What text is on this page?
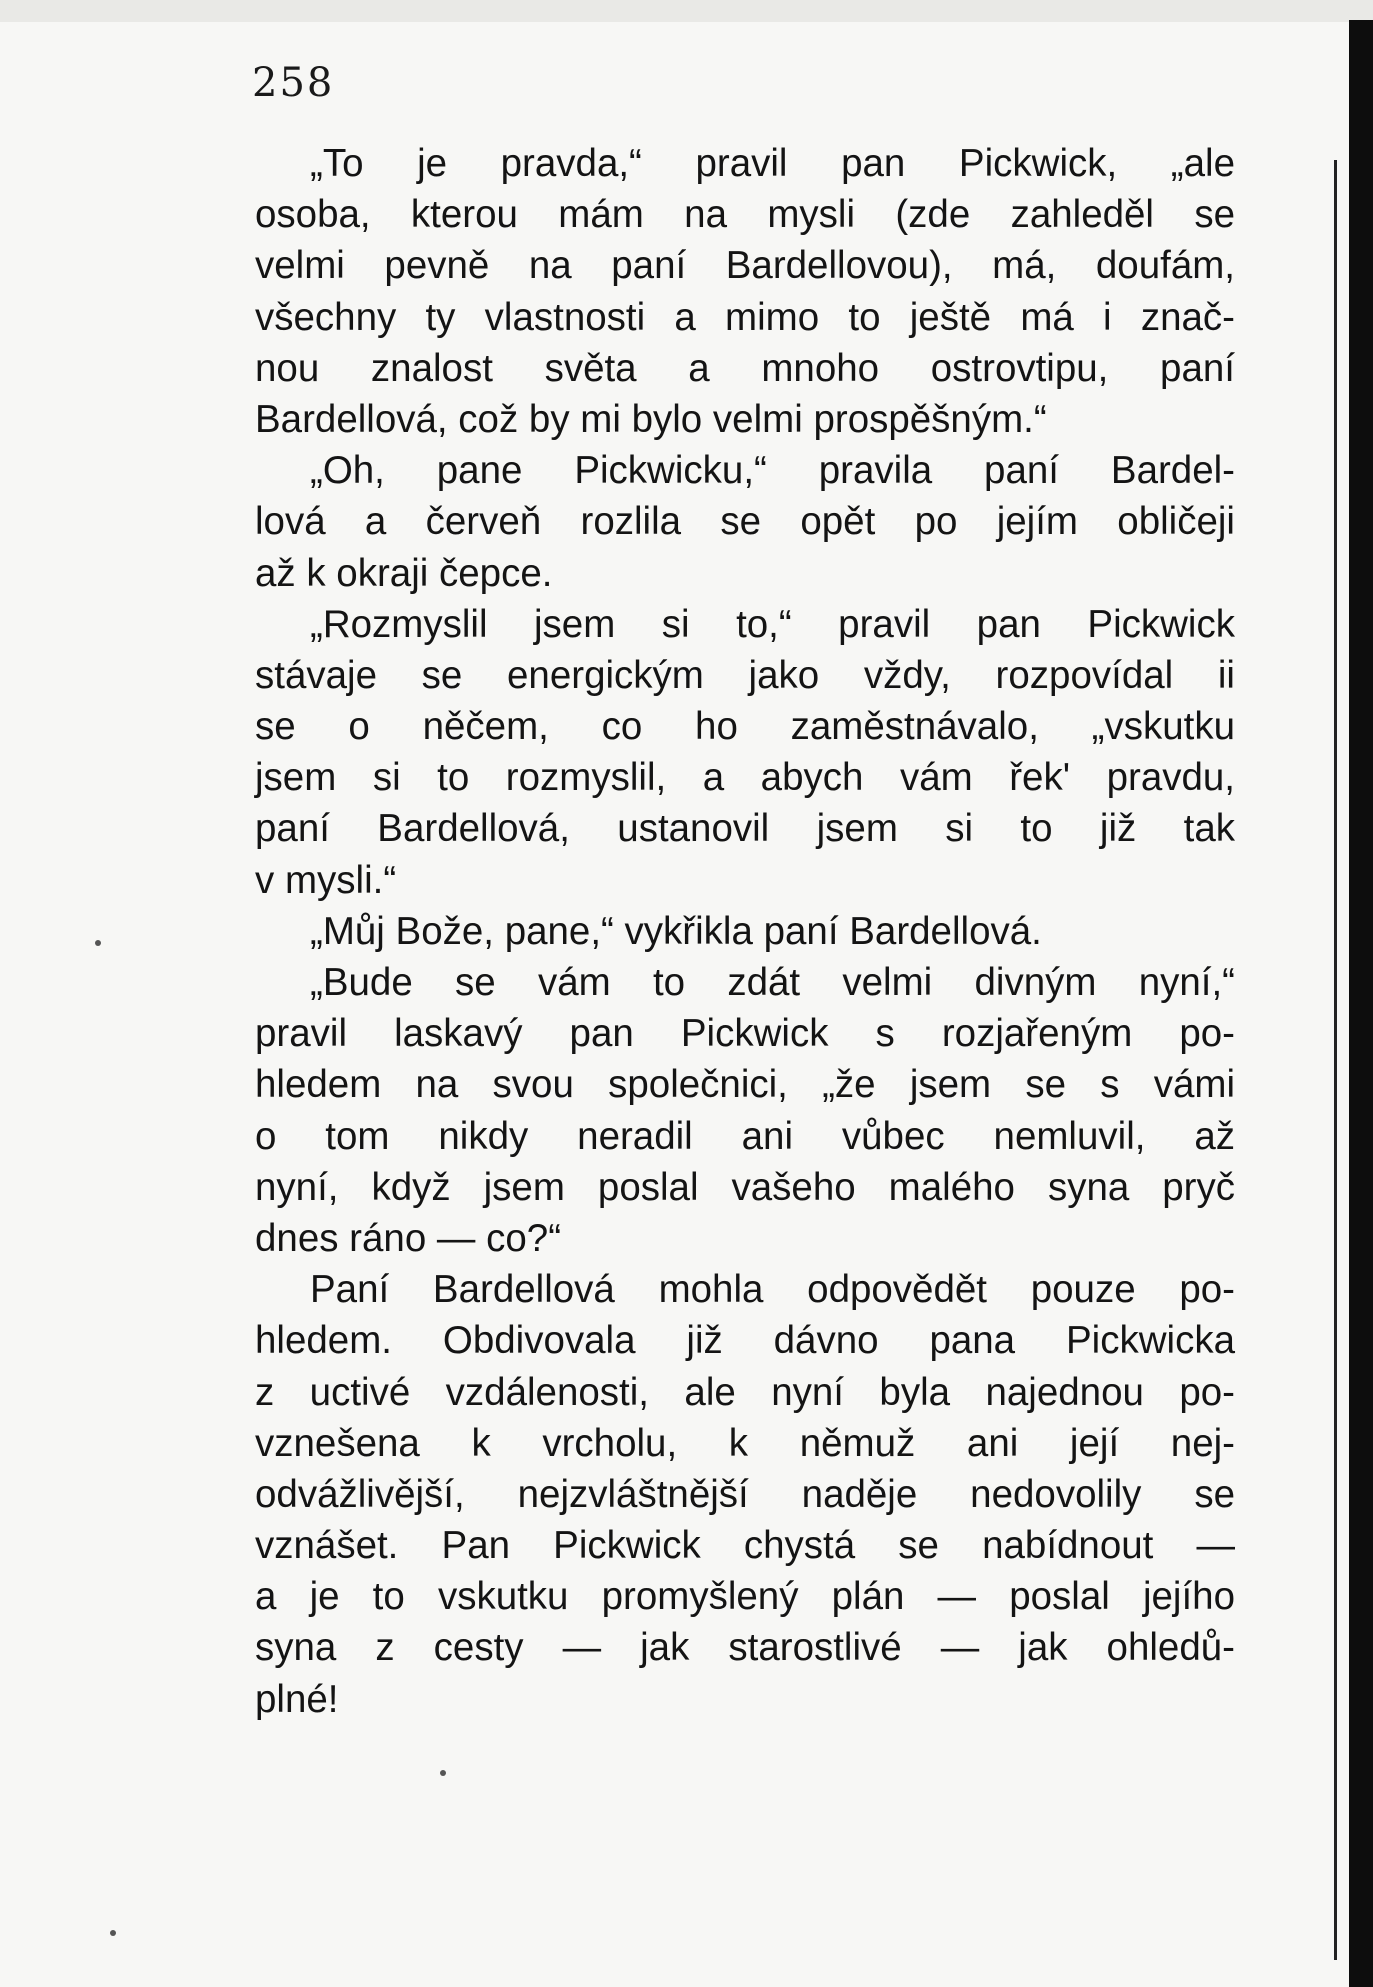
258
„To je pravda,“ pravil pan Pickwick, „ale
osoba, kterou mám na mysli (zde zahleděl se
velmi pevně na paní Bardellovou), má, doufám,
všechny ty vlastnosti a mimo to ještě má i znač-
nou znalost světa a mnoho ostrovtipu, paní
Bardellová, což by mi bylo velmi prospěšným.“
„Oh, pane Pickwicku,“ pravila paní Bardel-
lová a červeň rozlila se opět po jejím obličeji
až k okraji čepce.
„Rozmyslil jsem si to,“ pravil pan Pickwick
stávaje se energickým jako vždy, rozpovídal ii
se o něčem, co ho zaměstnávalo, „vskutku
jsem si to rozmyslil, a abych vám řek' pravdu,
paní Bardellová, ustanovil jsem si to již tak
v mysli.“
„Můj Bože, pane,“ vykřikla paní Bardellová.
„Bude se vám to zdát velmi divným nyní,“
pravil laskavý pan Pickwick s rozjařeným po-
hledem na svou společnici, „že jsem se s vámi
o tom nikdy neradil ani vůbec nemluvil, až
nyní, když jsem poslal vašeho malého syna pryč
dnes ráno — co?“
Paní Bardellová mohla odpovědět pouze po-
hledem. Obdivovala již dávno pana Pickwicka
z uctivé vzdálenosti, ale nyní byla najednou po-
vznešena k vrcholu, k němuž ani její nej-
odvážlivější, nejzvláštnější naděje nedovolily se
vznášet. Pan Pickwick chystá se nabídnout —
a je to vskutku promyšlený plán — poslal jejího
syna z cesty — jak starostlivé — jak ohledů-
plné!
